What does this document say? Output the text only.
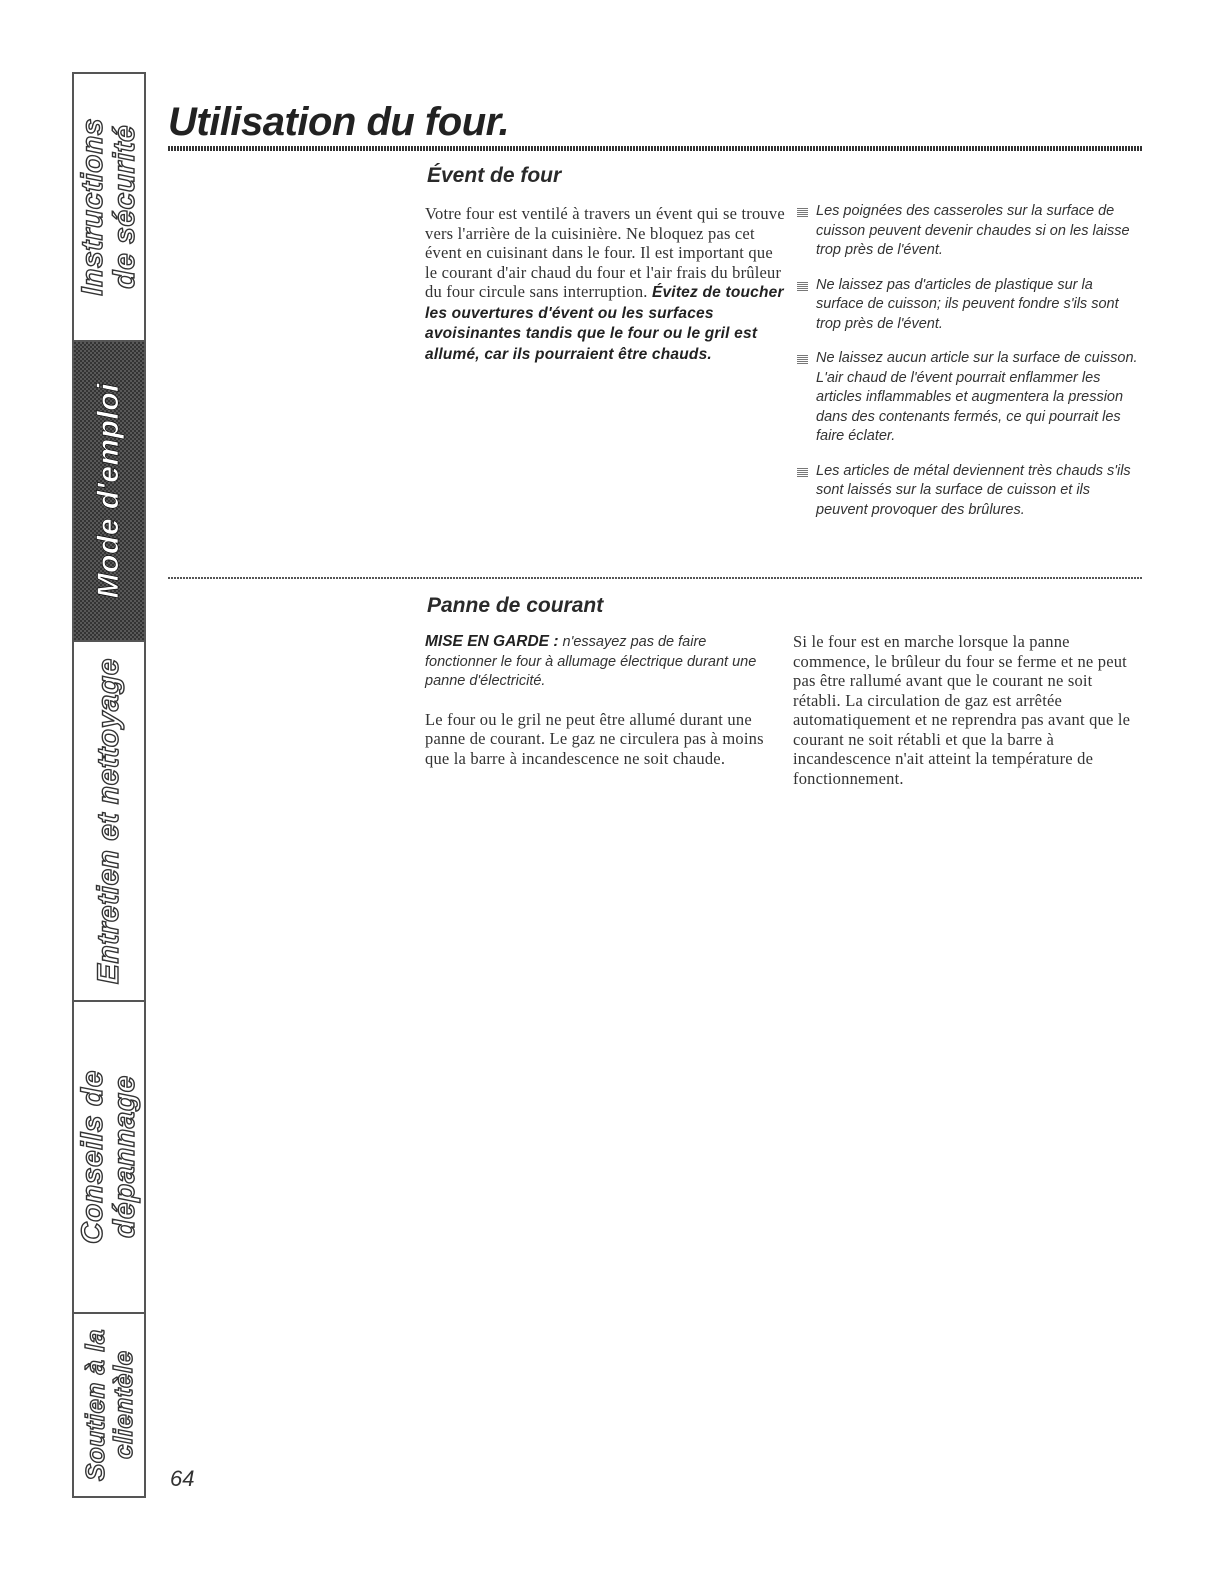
Instructions
de sécurité
Mode d'emploi
Entretien et nettoyage
Conseils de dépannage
Soutien à la clientèle
Utilisation du four.
Évent de four

Votre four est ventilé à travers un évent qui se trouve vers l'arrière de la cuisinière. Ne bloquez pas cet évent en cuisinant dans le four. Il est important que le courant d'air chaud du four et l'air frais du brûleur du four circule sans interruption. Évitez de toucher les ouvertures d'évent ou les surfaces avoisinantes tandis que le four ou le gril est allumé, car ils pourraient être chauds.

Les poignées des casseroles sur la surface de cuisson peuvent devenir chaudes si on les laisse trop près de l'évent.
Ne laissez pas d'articles de plastique sur la surface de cuisson; ils peuvent fondre s'ils sont trop près de l'évent.
Ne laissez aucun article sur la surface de cuisson. L'air chaud de l'évent pourrait enflammer les articles inflammables et augmentera la pression dans des contenants fermés, ce qui pourrait les faire éclater.
Les articles de métal deviennent très chauds s'ils sont laissés sur la surface de cuisson et ils peuvent provoquer des brûlures.
Panne de courant

MISE EN GARDE : n'essayez pas de faire fonctionner le four à allumage électrique durant une panne d'électricité.

Le four ou le gril ne peut être allumé durant une panne de courant. Le gaz ne circulera pas à moins que la barre à incandescence ne soit chaude.

Si le four est en marche lorsque la panne commence, le brûleur du four se ferme et ne peut pas être rallumé avant que le courant ne soit rétabli. La circulation de gaz est arrêtée automatiquement et ne reprendra pas avant que le courant ne soit rétabli et que la barre à incandescence n'ait atteint la température de fonctionnement.

64
